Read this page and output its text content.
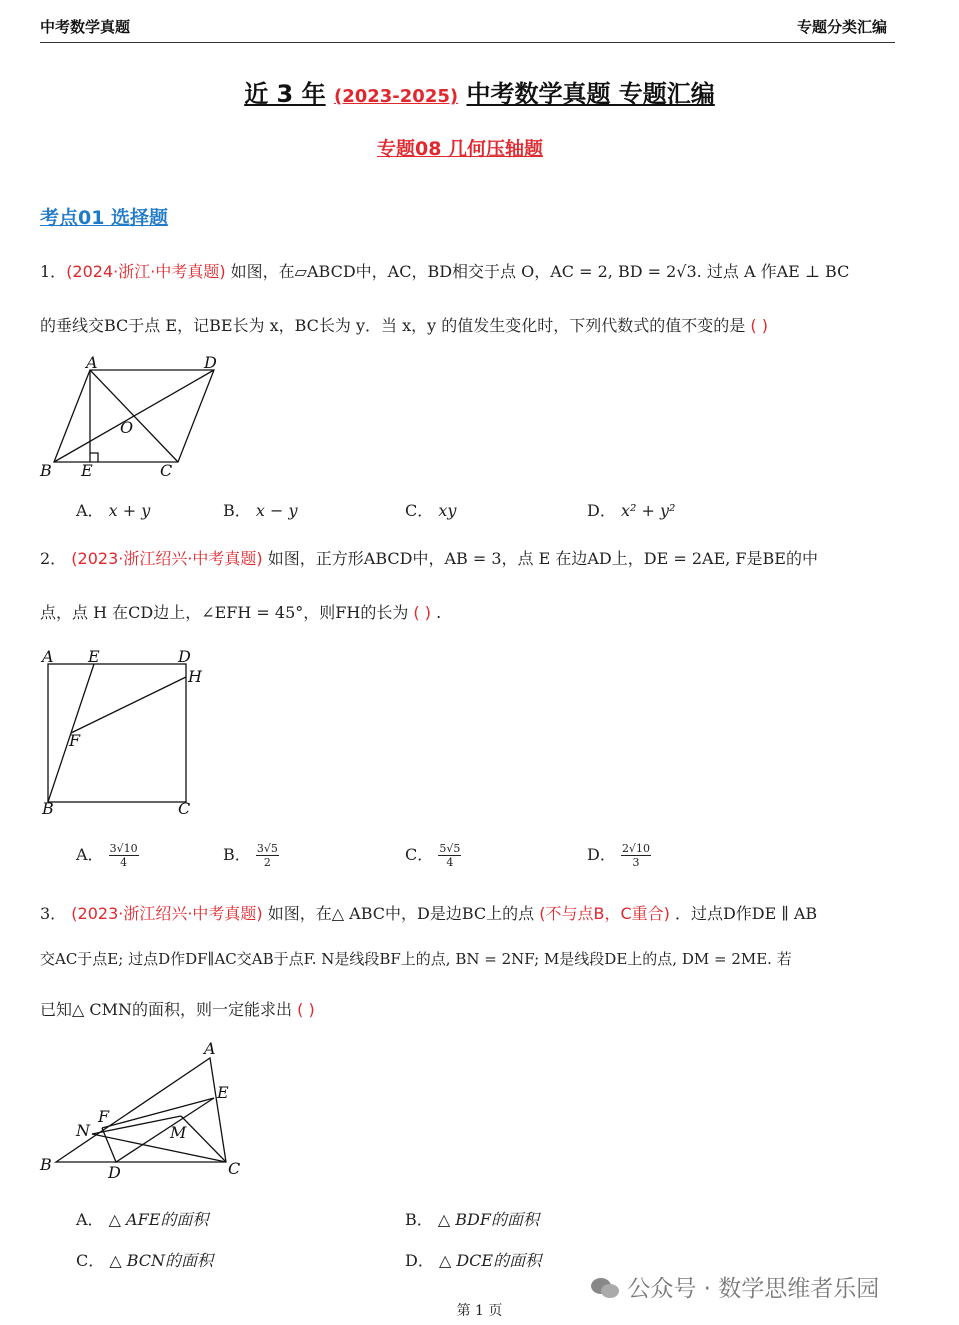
中考数学真题	专题分类汇编
近 3 年 (2023-2025) 中考数学真题 专题汇编
专题08 几何压轴题
考点01 选择题
1．(2024·浙江·中考真题) 如图，在▱ABCD中，AC，BD相交于点 O，AC = 2, BD = 2√3. 过点 A 作AE ⊥ BC
的垂线交BC于点 E，记BE长为 x，BC长为 y．当 x，y 的值发生变化时，下列代数式的值不变的是 ( )
A	D
O
B E	C
A． x + y	B． x − y	C． xy	D． x² + y²
2． (2023·浙江绍兴·中考真题) 如图，正方形ABCD中，AB = 3，点 E 在边AD上，DE = 2AE, F是BE的中
点，点 H 在CD边上，∠EFH = 45°，则FH的长为 ( ) .
A E	D
H
F
B	C
A． $\frac{3√10}{4}$	B． $\frac{3√5}{2}$	C． $\frac{5√5}{4}$	D． $\frac{2√10}{3}$
3． (2023·浙江绍兴·中考真题) 如图，在△ ABC中，D是边BC上的点 (不与点B，C重合) ．过点D作DE ∥ AB
交AC于点E; 过点D作DF∥AC交AB于点F. N是线段BF上的点, BN = 2NF; M是线段DE上的点, DM = 2ME. 若
已知△ CMN的面积，则一定能求出 ( )
A
E
F
N	M
B	D	C
A． △ AFE的面积	B． △ BDF的面积
C． △ BCN的面积	D． △ DCE的面积
公众号 · 数学思维者乐园
第 1 页
